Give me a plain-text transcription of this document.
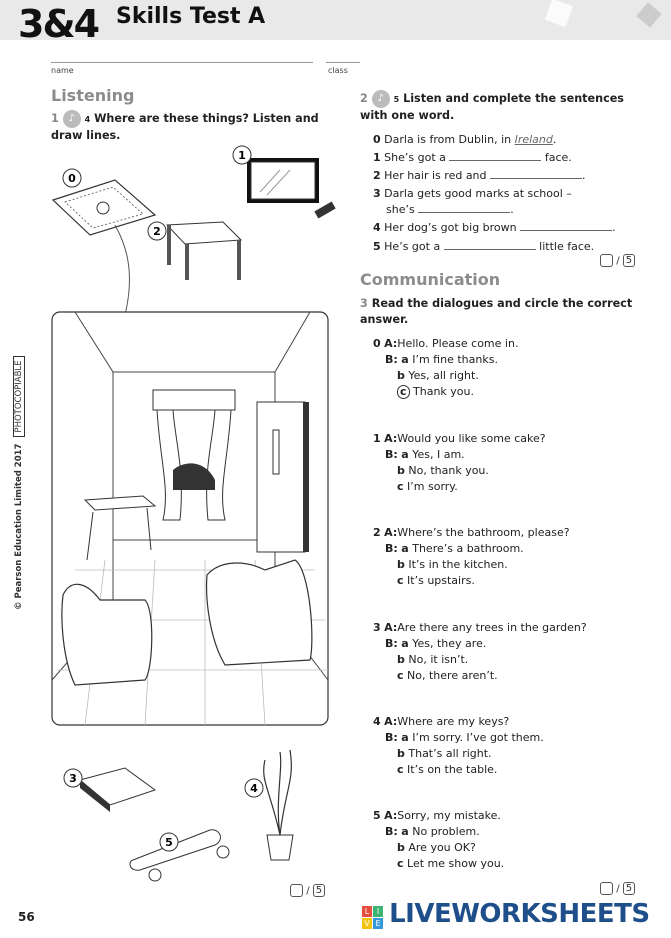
3&4 Skills Test A
name	class
© Pearson Education Limited 2017 PHOTOCOPIABLE
Listening
1 ♪ 4 Where are these things? Listen and draw lines.
0
1
2
3
4
5
/ 5
2 ♪ 5 Listen and complete the sentences with one word.
0 Darla is from Dublin, in Ireland.
1 She’s got a	face.
2 Her hair is red and	.
3 Darla gets good marks at school –
she’s	.
4 Her dog’s got big brown	.
5 He’s got a	little face.
/ 5
Communication
3 Read the dialogues and circle the correct answer.
0 A:Hello. Please come in.
B: a I’m fine thanks.
b Yes, all right.
c Thank you.
1 A:Would you like some cake?
B: a Yes, I am.
b No, thank you.
c I’m sorry.
2 A:Where’s the bathroom, please?
B: a There’s a bathroom.
b It’s in the kitchen.
c It’s upstairs.
3 A:Are there any trees in the garden?
B: a Yes, they are.
b No, it isn’t.
c No, there aren’t.
4 A:Where are my keys?
B: a I’m sorry. I’ve got them.
b That’s all right.
c It’s on the table.
5 A:Sorry, my mistake.
B: a No problem.
b Are you OK?
c Let me show you.
/ 5
56	L I
V E LIVEWORKSHEETS
